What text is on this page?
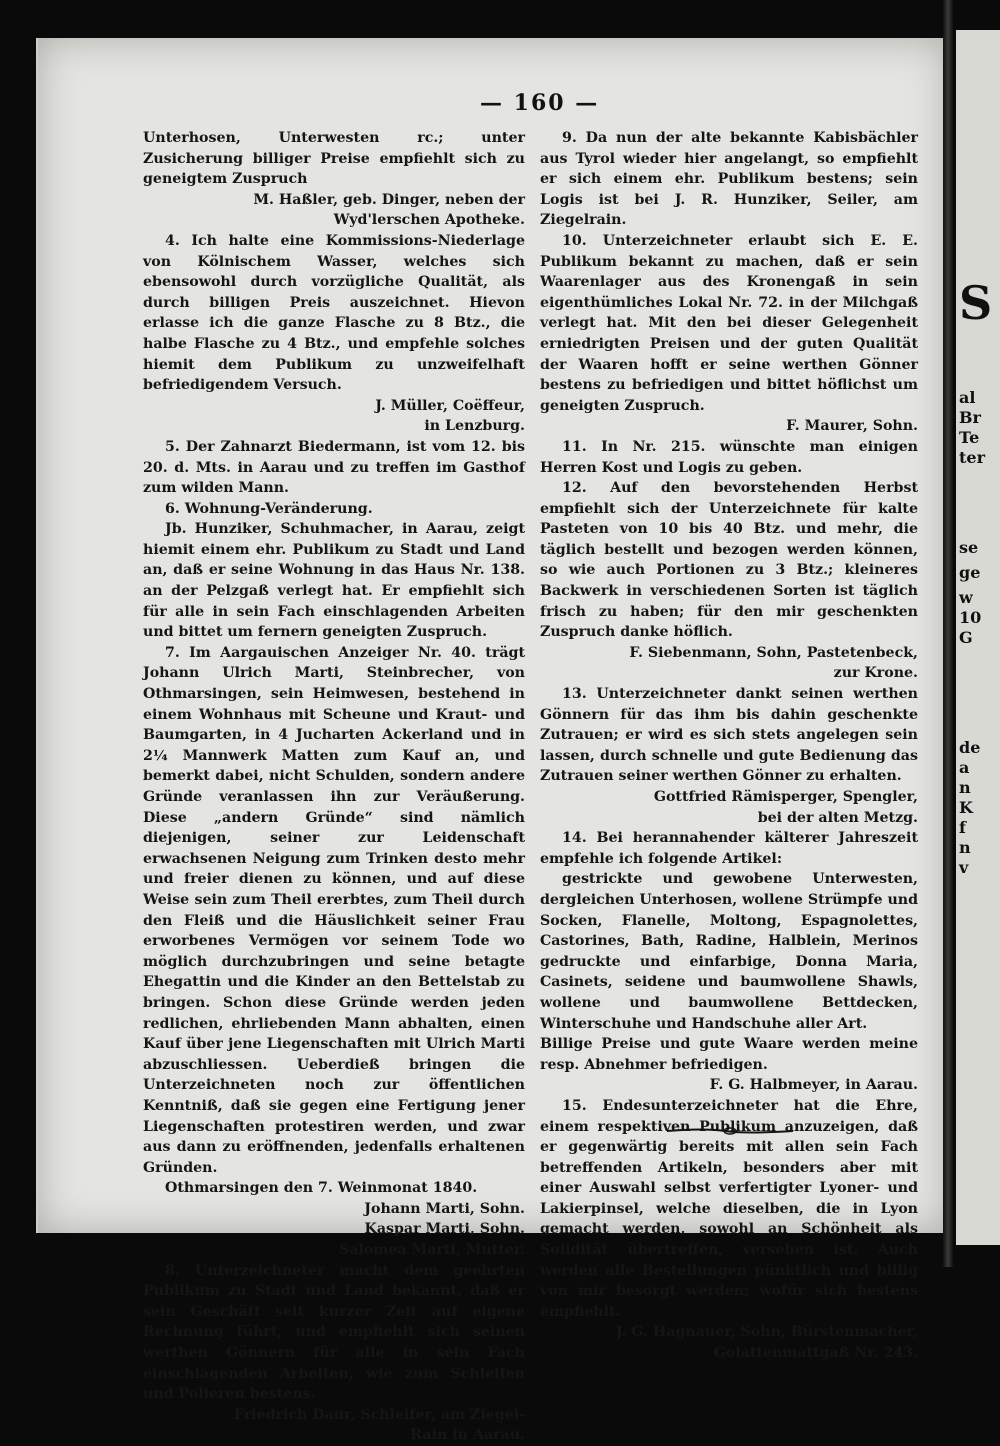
S
al
Br
Te
ter
se
ge
w
10
G
de
a
n
K
f
n
v
— 160 —

Unterhosen, Unterwesten rc.; unter Zusicherung billiger Preise empfiehlt sich zu geneigtem Zuspruch

M. Haßler, geb. Dinger, neben der Wyd'lerschen Apotheke.

4. Ich halte eine Kommissions-Niederlage von Kölnischem Wasser, welches sich ebensowohl durch vorzügliche Qualität, als durch billigen Preis auszeichnet. Hievon erlasse ich die ganze Flasche zu 8 Btz., die halbe Flasche zu 4 Btz., und empfehle solches hiemit dem Publikum zu unzweifelhaft befriedigendem Versuch.

J. Müller, Coëffeur,

in Lenzburg.

5. Der Zahnarzt Biedermann, ist vom 12. bis 20. d. Mts. in Aarau und zu treffen im Gasthof zum wilden Mann.

6. Wohnung-Veränderung.

Jb. Hunziker, Schuhmacher, in Aarau, zeigt hiemit einem ehr. Publikum zu Stadt und Land an, daß er seine Wohnung in das Haus Nr. 138. an der Pelzgaß verlegt hat. Er empfiehlt sich für alle in sein Fach einschlagenden Arbeiten und bittet um fernern geneigten Zuspruch.

7. Im Aargauischen Anzeiger Nr. 40. trägt Johann Ulrich Marti, Steinbrecher, von Othmarsingen, sein Heimwesen, bestehend in einem Wohnhaus mit Scheune und Kraut- und Baumgarten, in 4 Jucharten Ackerland und in 2¼ Mannwerk Matten zum Kauf an, und bemerkt dabei, nicht Schulden, sondern andere Gründe veranlassen ihn zur Veräußerung. Diese „andern Gründe“ sind nämlich diejenigen, seiner zur Leidenschaft erwachsenen Neigung zum Trinken desto mehr und freier dienen zu können, und auf diese Weise sein zum Theil ererbtes, zum Theil durch den Fleiß und die Häuslichkeit seiner Frau erworbenes Vermögen vor seinem Tode wo möglich durchzubringen und seine betagte Ehegattin und die Kinder an den Bettelstab zu bringen. Schon diese Gründe werden jeden redlichen, ehrliebenden Mann abhalten, einen Kauf über jene Liegenschaften mit Ulrich Marti abzuschliessen. Ueberdieß bringen die Unterzeichneten noch zur öffentlichen Kenntniß, daß sie gegen eine Fertigung jener Liegenschaften protestiren werden, und zwar aus dann zu eröffnenden, jedenfalls erhaltenen Gründen.

Othmarsingen den 7. Weinmonat 1840.

Johann Marti, Sohn.

Kaspar Marti, Sohn.

Salomea Marti, Mutter.

8. Unterzeichneter macht dem geehrten Publikum zu Stadt und Land bekannt, daß er sein Geschäft seit kurzer Zeit auf eigene Rechnung führt, und empfiehlt sich seinen werthen Gönnern für alle in sein Fach einschlagenden Arbeiten, wie zum Schleifen und Polieren bestens.

Friedrich Daur, Schleifer, am Ziegel-

Rain in Aarau.

9. Da nun der alte bekannte Kabisbächler aus Tyrol wieder hier angelangt, so empfiehlt er sich einem ehr. Publikum bestens; sein Logis ist bei J. R. Hunziker, Seiler, am Ziegelrain.

10. Unterzeichneter erlaubt sich E. E. Publikum bekannt zu machen, daß er sein Waarenlager aus des Kronengaß in sein eigenthümliches Lokal Nr. 72. in der Milchgaß verlegt hat. Mit den bei dieser Gelegenheit erniedrigten Preisen und der guten Qualität der Waaren hofft er seine werthen Gönner bestens zu befriedigen und bittet höflichst um geneigten Zuspruch.

F. Maurer, Sohn.

11. In Nr. 215. wünschte man einigen Herren Kost und Logis zu geben.

12. Auf den bevorstehenden Herbst empfiehlt sich der Unterzeichnete für kalte Pasteten von 10 bis 40 Btz. und mehr, die täglich bestellt und bezogen werden können, so wie auch Portionen zu 3 Btz.; kleineres Backwerk in verschiedenen Sorten ist täglich frisch zu haben; für den mir geschenkten Zuspruch danke höflich.

F. Siebenmann, Sohn, Pastetenbeck,

zur Krone.

13. Unterzeichneter dankt seinen werthen Gönnern für das ihm bis dahin geschenkte Zutrauen; er wird es sich stets angelegen sein lassen, durch schnelle und gute Bedienung das Zutrauen seiner werthen Gönner zu erhalten.

Gottfried Rämisperger, Spengler,

bei der alten Metzg.

14. Bei herannahender kälterer Jahreszeit empfehle ich folgende Artikel:

gestrickte und gewobene Unterwesten, dergleichen Unterhosen, wollene Strümpfe und Socken, Flanelle, Moltong, Espagnolettes, Castorines, Bath, Radine, Halblein, Merinos gedruckte und einfarbige, Donna Maria, Casinets, seidene und baumwollene Shawls, wollene und baumwollene Bettdecken, Winterschuhe und Handschuhe aller Art.

Billige Preise und gute Waare werden meine resp. Abnehmer befriedigen.

F. G. Halbmeyer, in Aarau.

15. Endesunterzeichneter hat die Ehre, einem respektiven Publikum anzuzeigen, daß er gegenwärtig bereits mit allen sein Fach betreffenden Artikeln, besonders aber mit einer Auswahl selbst verfertigter Lyoner- und Lakierpinsel, welche dieselben, die in Lyon gemacht werden, sowohl an Schönheit als Solidität übertreffen, versehen ist. Auch werden alle Bestellungen pünktlich und billig von mir besorgt werden; wofür sich bestens empfiehlt.

J. G. Hagnauer, Sohn, Bürstenmacher,

Golattenmattgaß Nr. 243.
